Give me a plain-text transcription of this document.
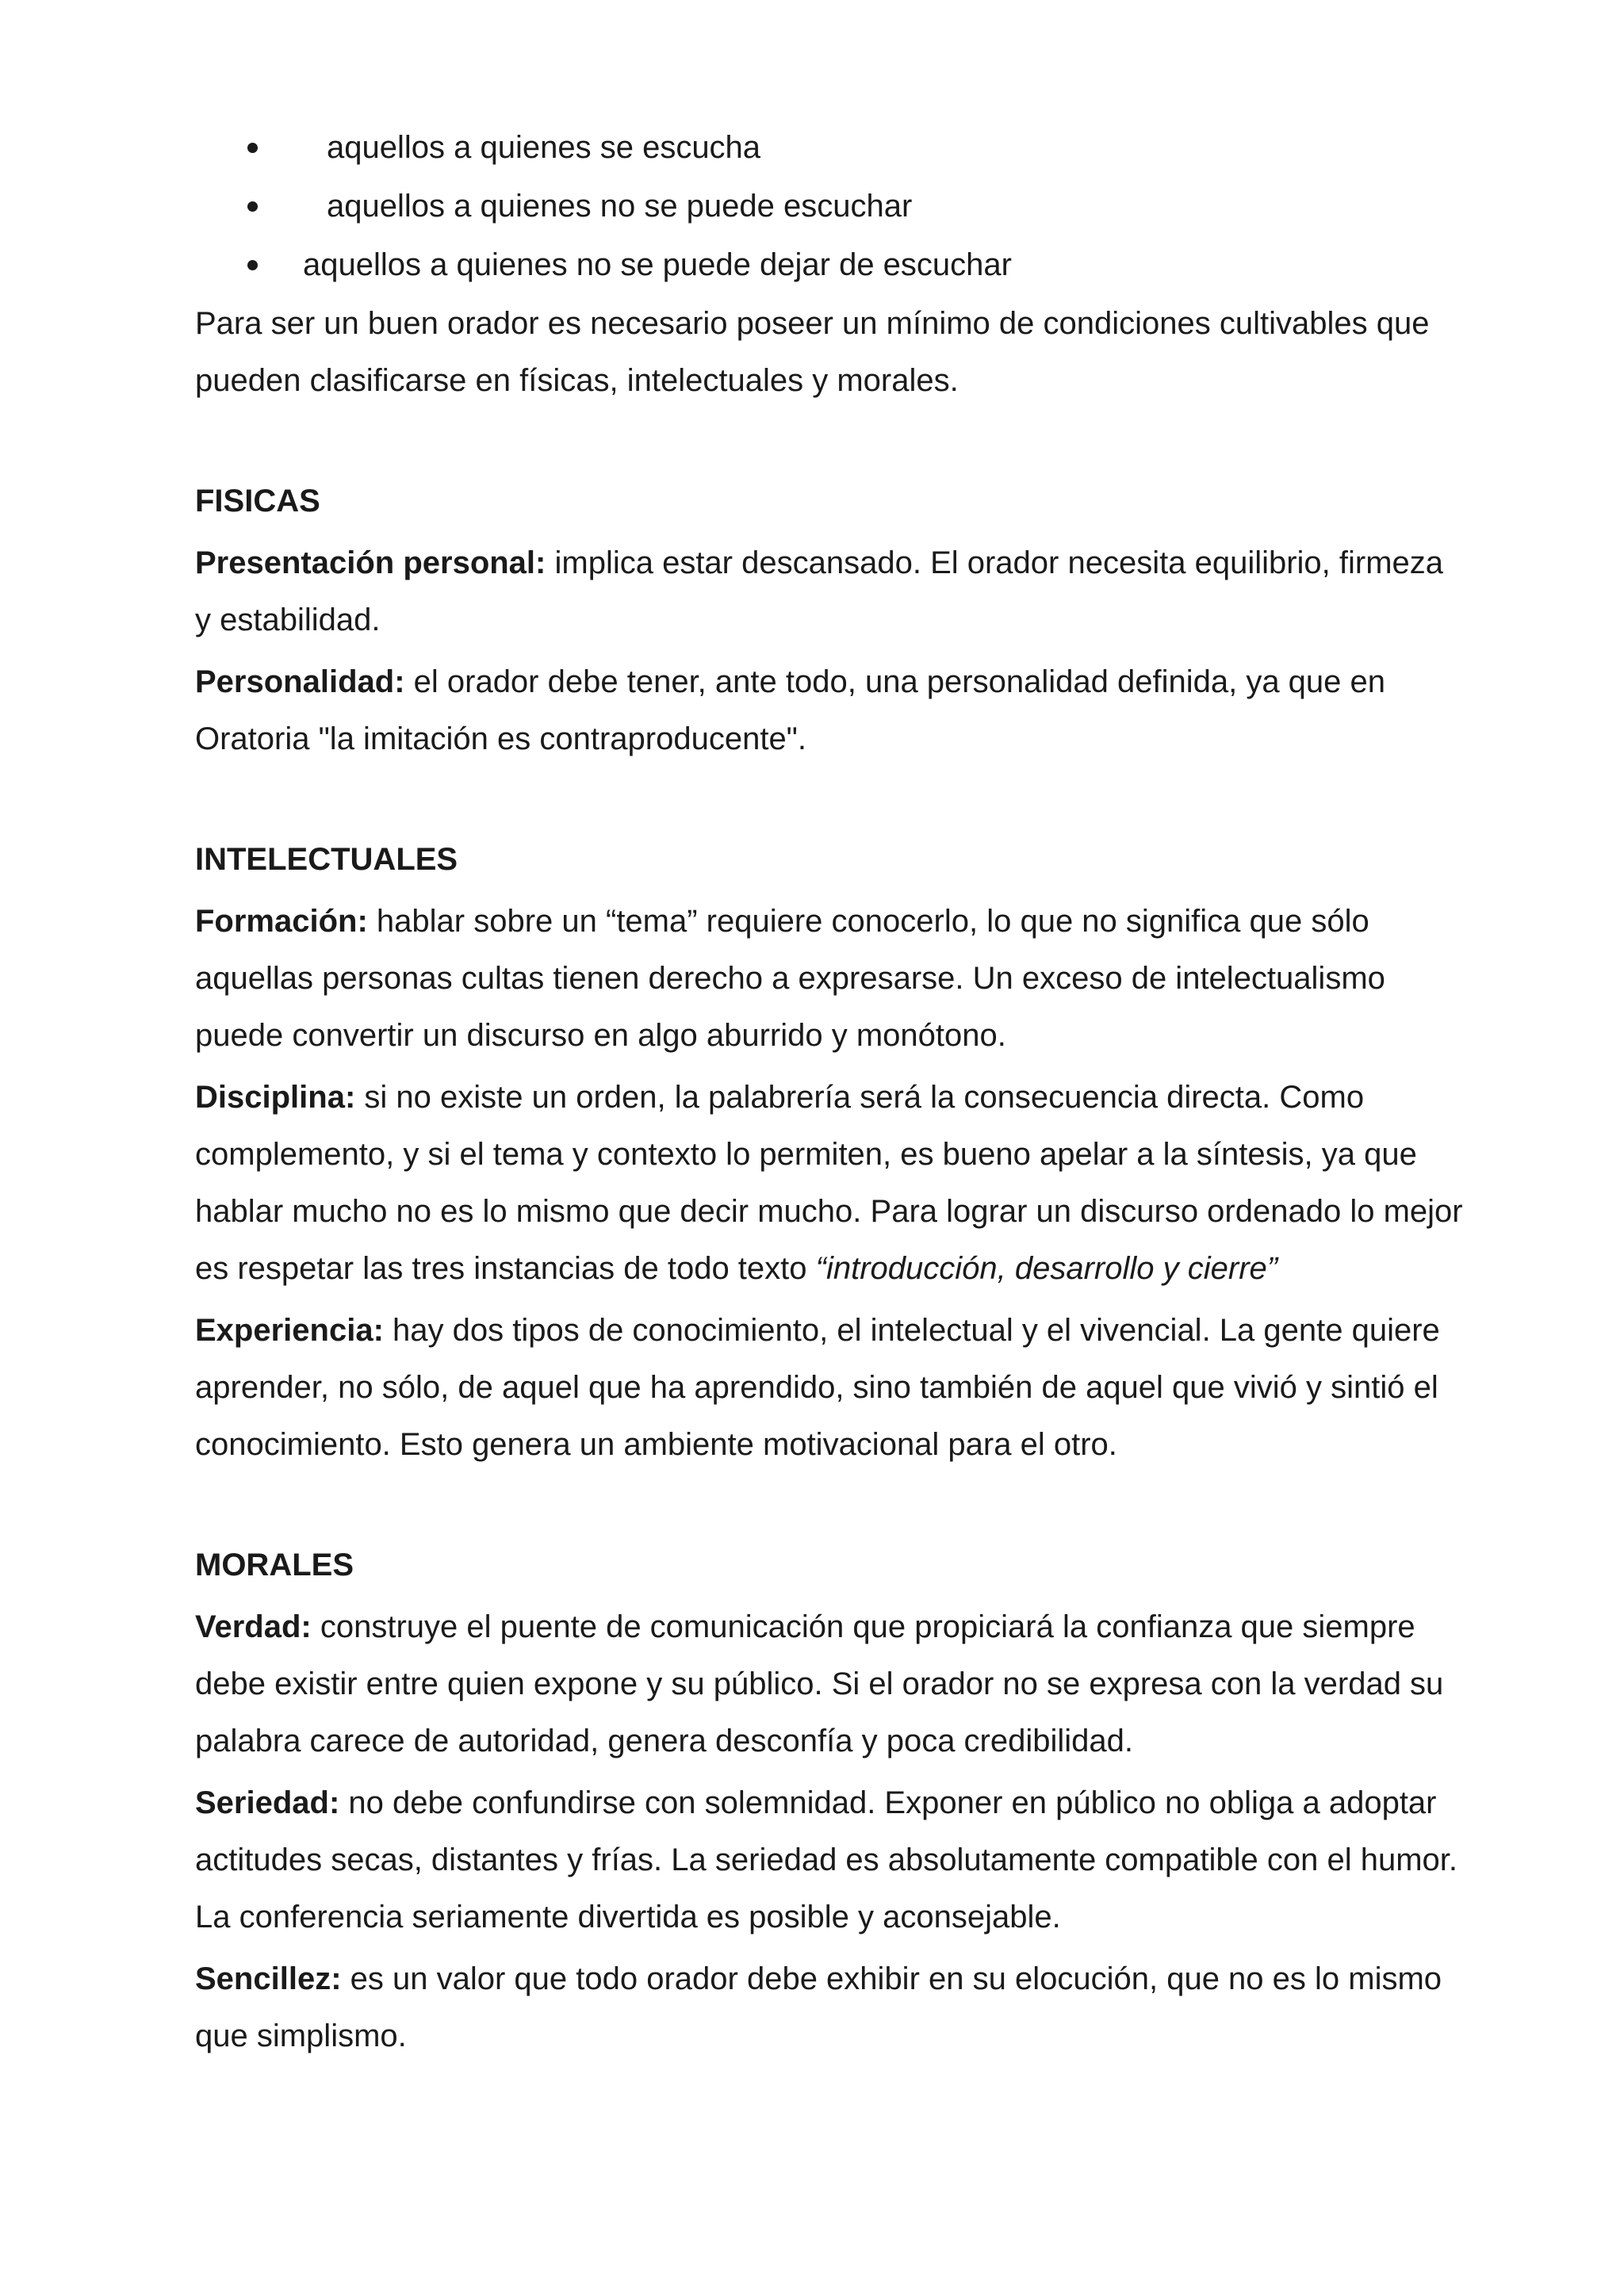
aquellos a quienes se escucha
aquellos a quienes no se puede escuchar
aquellos a quienes no se puede dejar de escuchar

Para ser un buen orador es necesario poseer un mínimo de condiciones cultivables que pueden clasificarse en físicas, intelectuales y morales.

FISICAS

Presentación personal: implica estar descansado. El orador necesita equilibrio, firmeza y estabilidad.

Personalidad: el orador debe tener, ante todo, una personalidad definida, ya que en Oratoria "la imitación es contraproducente".

INTELECTUALES

Formación: hablar sobre un “tema” requiere conocerlo, lo que no significa que sólo aquellas personas cultas tienen derecho a expresarse. Un exceso de intelectualismo puede convertir un discurso en algo aburrido y monótono.

Disciplina: si no existe un orden, la palabrería será la consecuencia directa. Como complemento, y si el tema y contexto lo permiten, es bueno apelar a la síntesis, ya que hablar mucho no es lo mismo que decir mucho. Para lograr un discurso ordenado lo mejor es respetar las tres instancias de todo texto “introducción, desarrollo y cierre”

Experiencia: hay dos tipos de conocimiento, el intelectual y el vivencial. La gente quiere aprender, no sólo, de aquel que ha aprendido, sino también de aquel que vivió y sintió el conocimiento. Esto genera un ambiente motivacional para el otro.

MORALES

Verdad: construye el puente de comunicación que propiciará la confianza que siempre debe existir entre quien expone y su público. Si el orador no se expresa con la verdad su palabra carece de autoridad, genera desconfía y poca credibilidad.

Seriedad: no debe confundirse con solemnidad. Exponer en público no obliga a adoptar actitudes secas, distantes y frías. La seriedad es absolutamente compatible con el humor. La conferencia seriamente divertida es posible y aconsejable.

Sencillez: es un valor que todo orador debe exhibir en su elocución, que no es lo mismo que simplismo.
